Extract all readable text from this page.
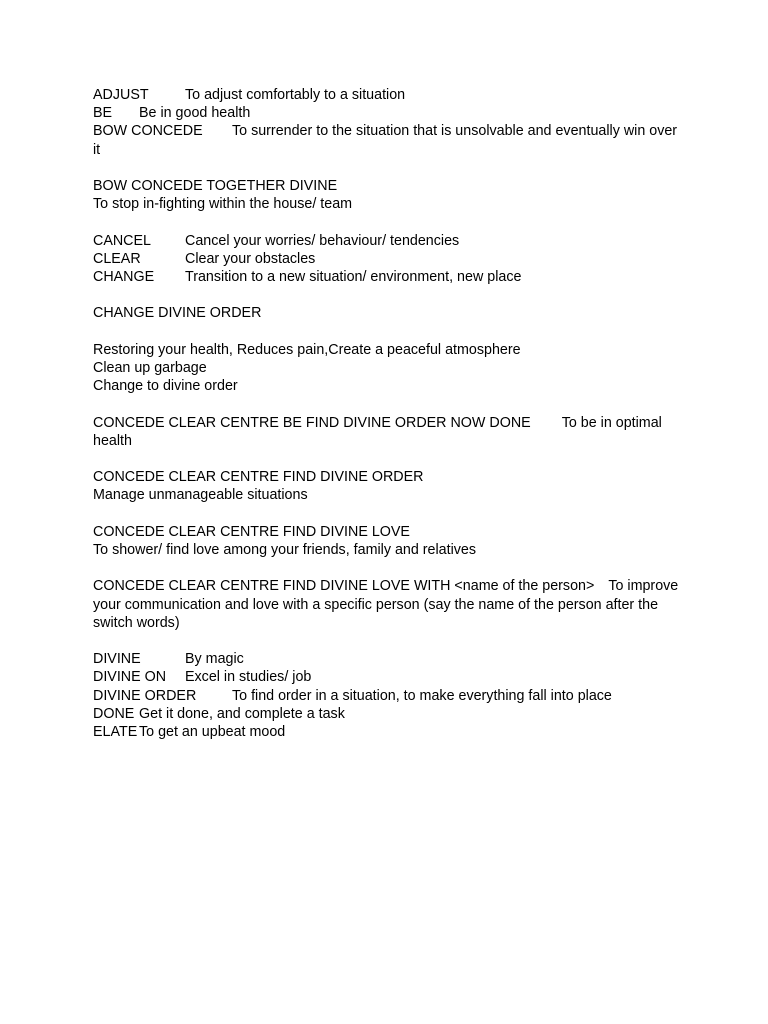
ADJUST	To adjust comfortably to a situation
BE Be in good health
BOW CONCEDE To surrender to the situation that is unsolvable and eventually win over it
BOW CONCEDE TOGETHER DIVINE
To stop in-fighting within the house/ team
CANCEL Cancel your worries/ behaviour/ tendencies
CLEAR	Clear your obstacles
CHANGE Transition to a new situation/ environment, new place
CHANGE DIVINE ORDER
Restoring your health, Reduces pain,Create a peaceful atmosphere
Clean up garbage
Change to divine order
CONCEDE CLEAR CENTRE BE FIND DIVINE ORDER NOW DONE To be in optimal health
CONCEDE CLEAR CENTRE FIND DIVINE ORDER
Manage unmanageable situations
CONCEDE CLEAR CENTRE FIND DIVINE LOVE
To shower/ find love among your friends, family and relatives
CONCEDE CLEAR CENTRE FIND DIVINE LOVE WITH <name of the person> To improve your communication and love with a specific person (say the name of the person after the switch words)
DIVINE	By magic
DIVINE ON Excel in studies/ job
DIVINE ORDER To find order in a situation, to make everything fall into place
DONE Get it done, and complete a task
ELATE To get an upbeat mood
